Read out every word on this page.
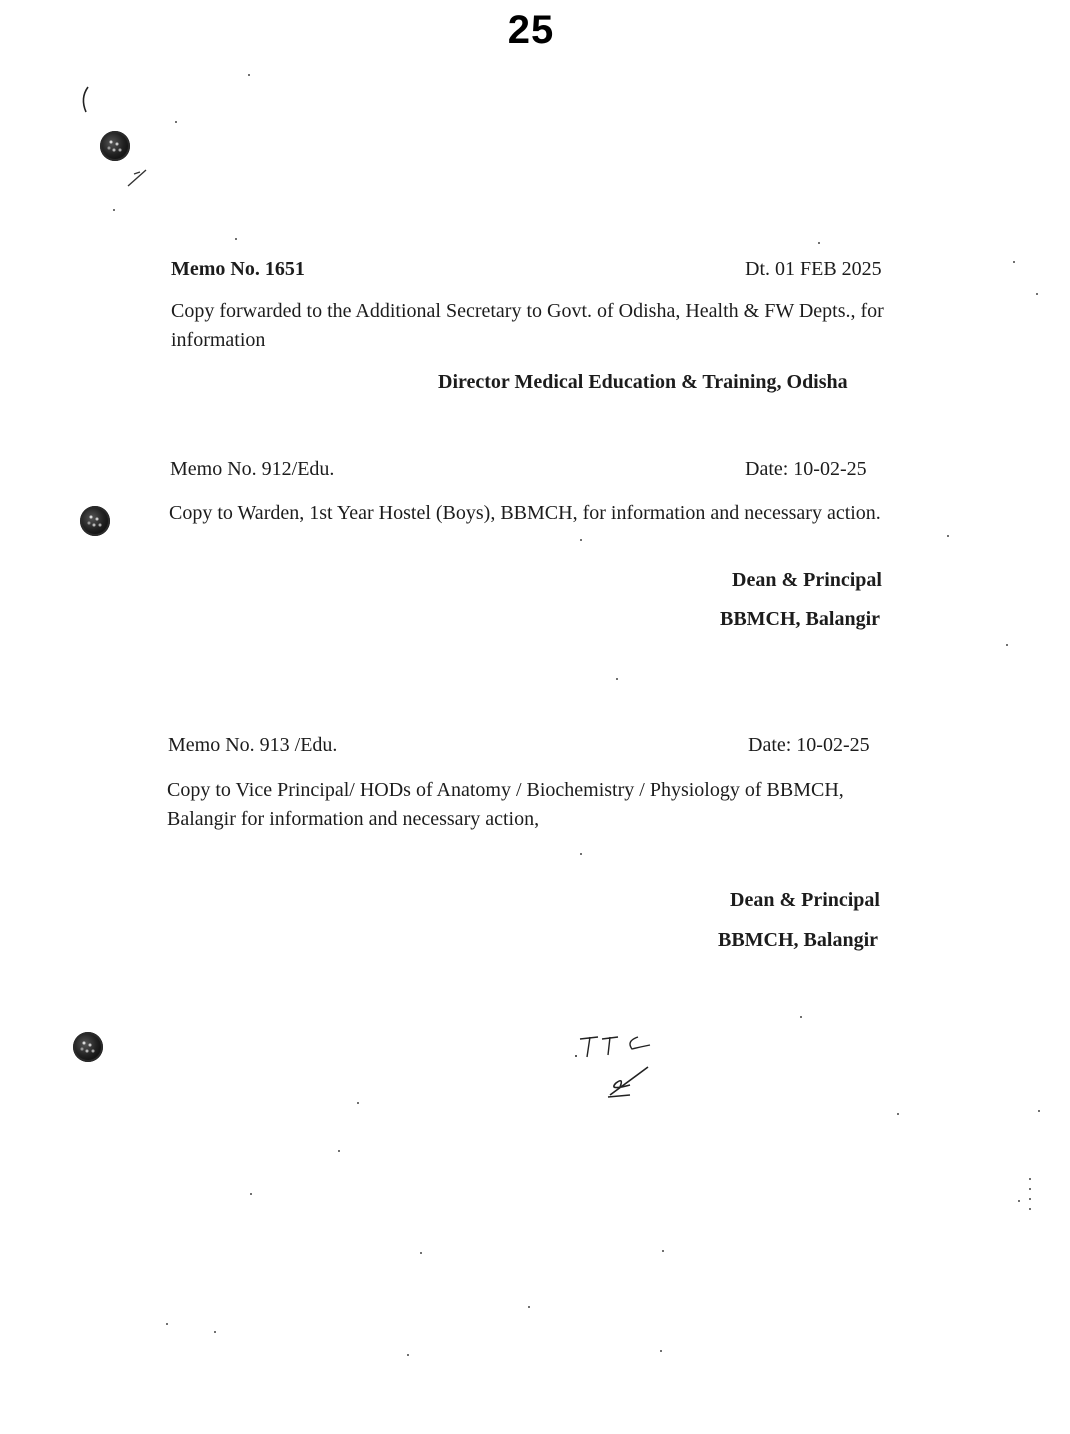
25
Memo No. 1651	Dt. 01 FEB 2025
Copy forwarded to the Additional Secretary to Govt. of Odisha, Health & FW Depts., for information
Director Medical Education & Training, Odisha
Memo No. 912/Edu.	Date: 10-02-25
Copy to Warden, 1st Year Hostel (Boys), BBMCH, for information and necessary action.
Dean & Principal
BBMCH, Balangir
Memo No. 913 /Edu.	Date: 10-02-25
Copy to Vice Principal/ HODs of Anatomy / Biochemistry / Physiology of BBMCH, Balangir for information and necessary action,
Dean & Principal
BBMCH, Balangir
